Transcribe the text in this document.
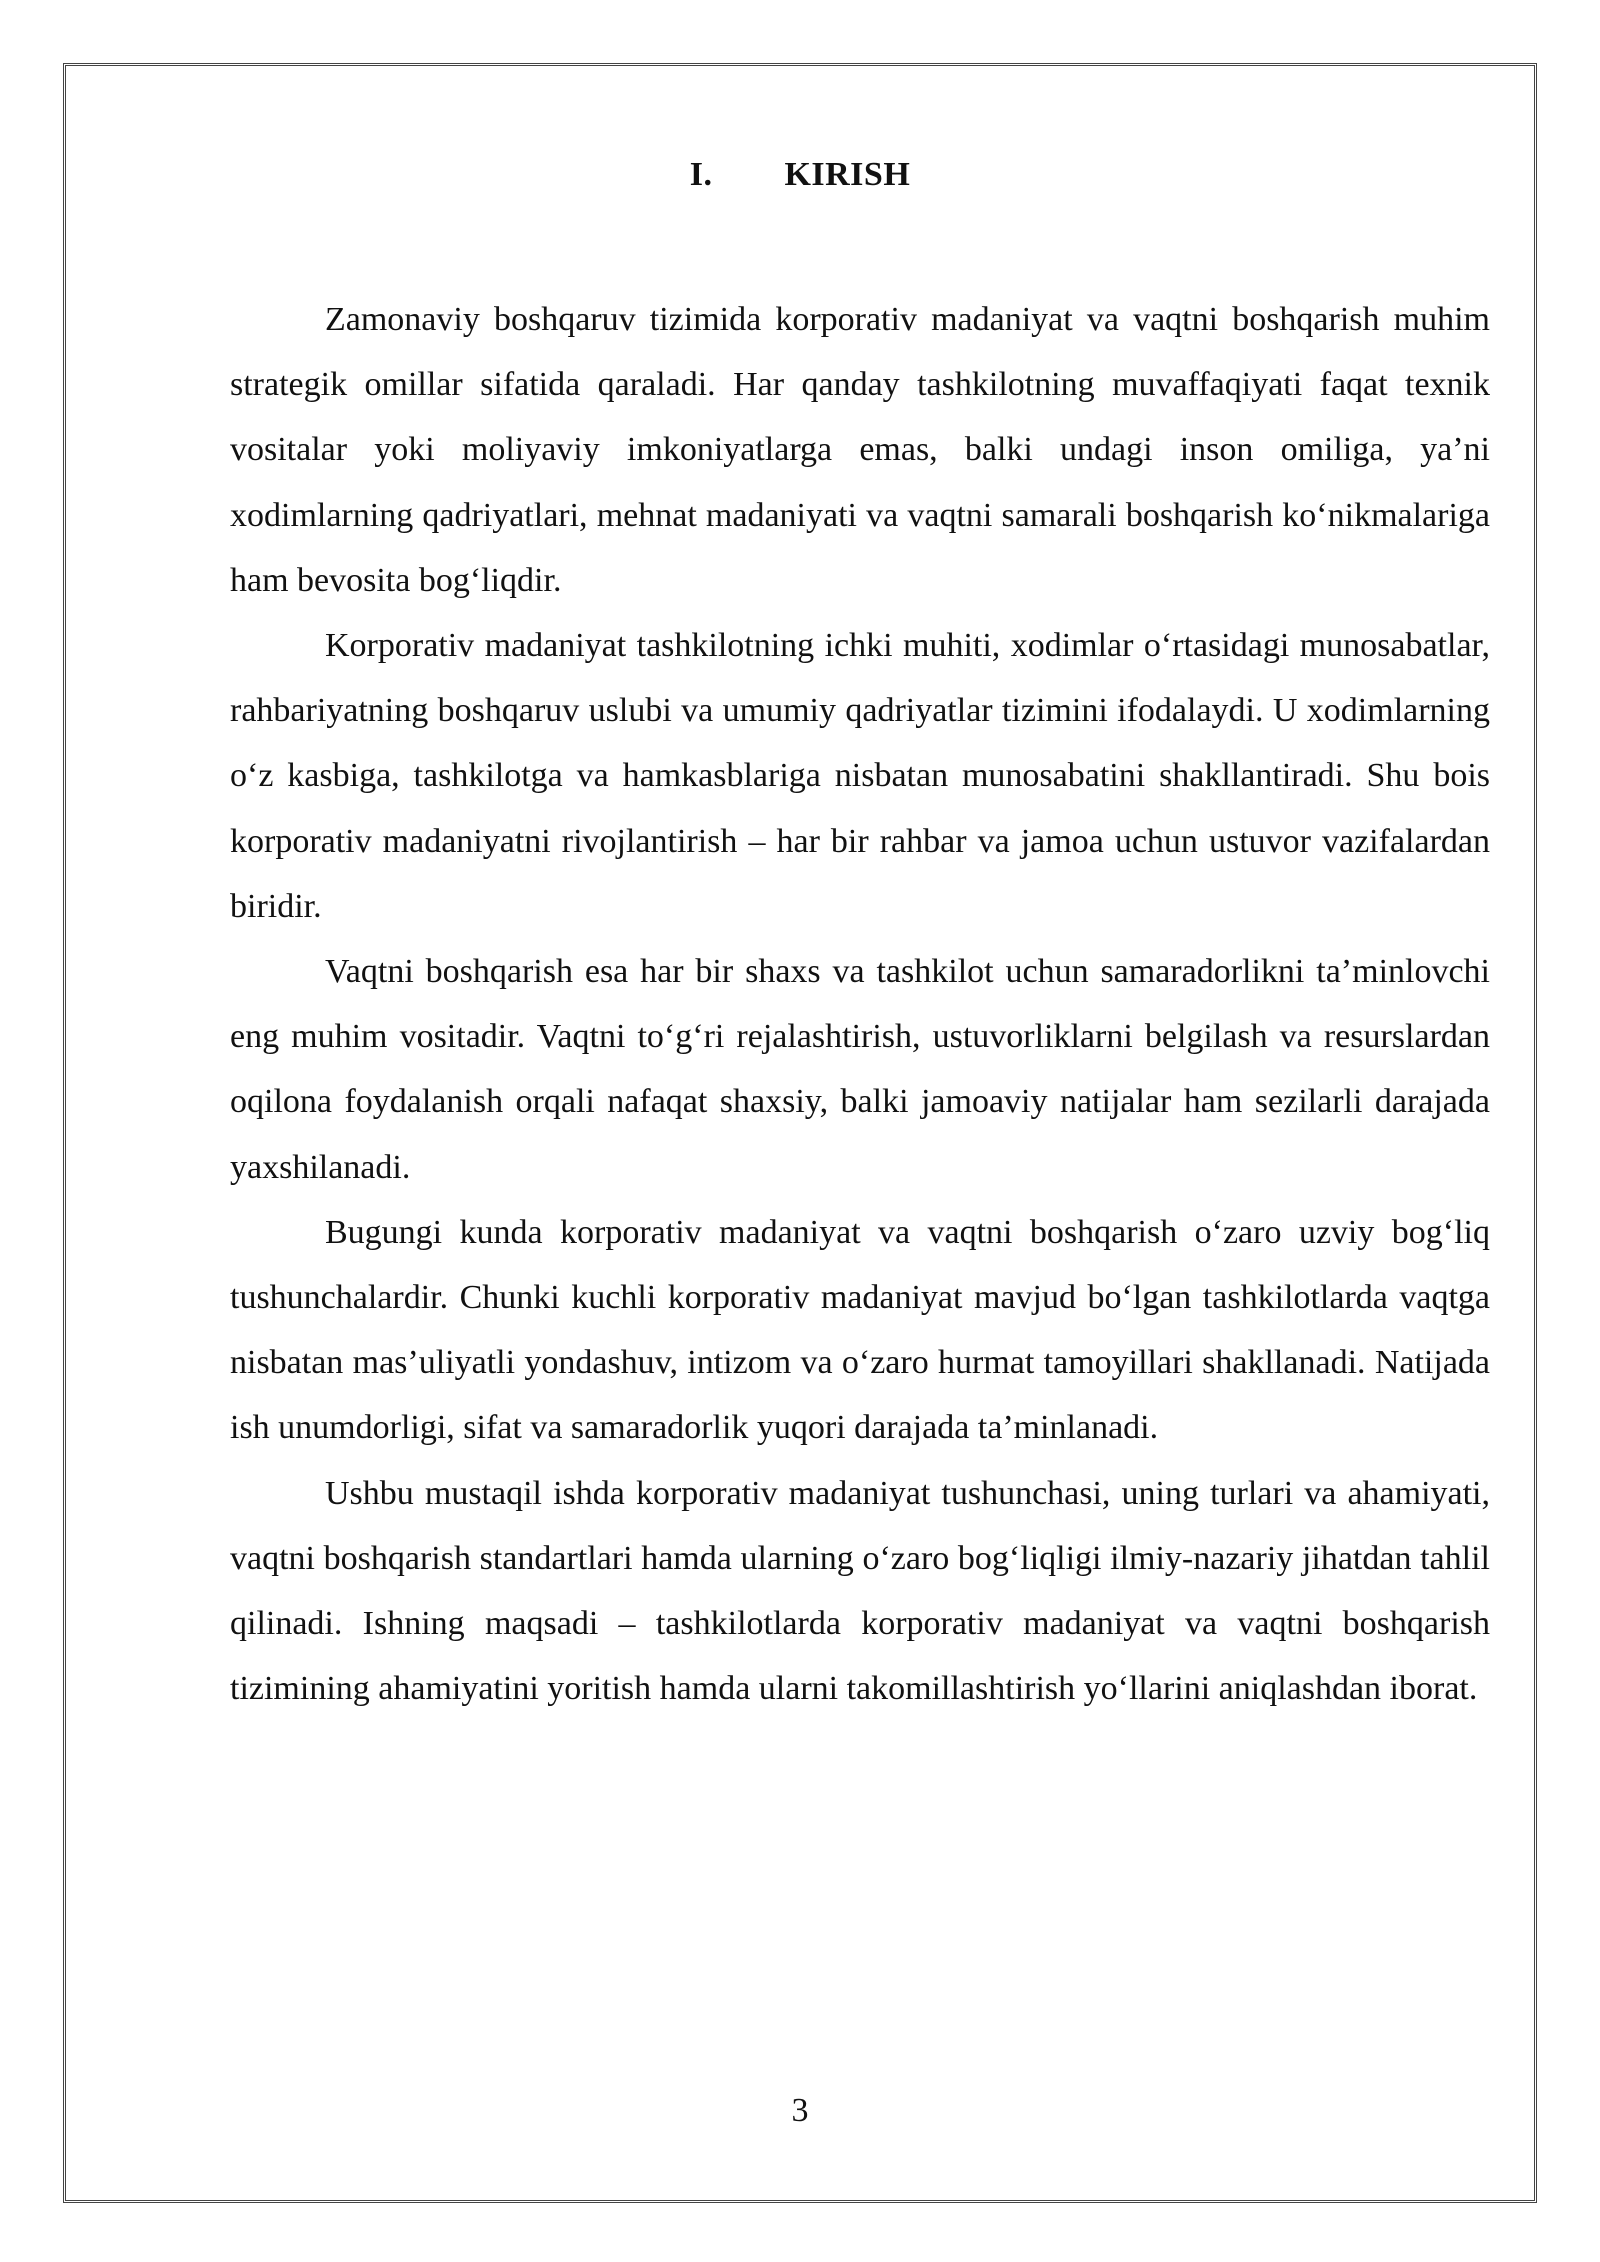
I. KIRISH

Zamonaviy boshqaruv tizimida korporativ madaniyat va vaqtni boshqarish muhim strategik omillar sifatida qaraladi. Har qanday tashkilotning muvaffaqiyati faqat texnik vositalar yoki moliyaviy imkoniyatlarga emas, balki undagi inson omiliga, ya’ni xodimlarning qadriyatlari, mehnat madaniyati va vaqtni samarali boshqarish ko‘nikmalariga ham bevosita bog‘liqdir.

Korporativ madaniyat tashkilotning ichki muhiti, xodimlar o‘rtasidagi munosabatlar, rahbariyatning boshqaruv uslubi va umumiy qadriyatlar tizimini ifodalaydi. U xodimlarning o‘z kasbiga, tashkilotga va hamkasblariga nisbatan munosabatini shakllantiradi. Shu bois korporativ madaniyatni rivojlantirish – har bir rahbar va jamoa uchun ustuvor vazifalardan biridir.

Vaqtni boshqarish esa har bir shaxs va tashkilot uchun samaradorlikni ta’minlovchi eng muhim vositadir. Vaqtni to‘g‘ri rejalashtirish, ustuvorliklarni belgilash va resurslardan oqilona foydalanish orqali nafaqat shaxsiy, balki jamoaviy natijalar ham sezilarli darajada yaxshilanadi.

Bugungi kunda korporativ madaniyat va vaqtni boshqarish o‘zaro uzviy bog‘liq tushunchalardir. Chunki kuchli korporativ madaniyat mavjud bo‘lgan tashkilotlarda vaqtga nisbatan mas’uliyatli yondashuv, intizom va o‘zaro hurmat tamoyillari shakllanadi. Natijada ish unumdorligi, sifat va samaradorlik yuqori darajada ta’minlanadi.

Ushbu mustaqil ishda korporativ madaniyat tushunchasi, uning turlari va ahamiyati, vaqtni boshqarish standartlari hamda ularning o‘zaro bog‘liqligi ilmiy-nazariy jihatdan tahlil qilinadi. Ishning maqsadi – tashkilotlarda korporativ madaniyat va vaqtni boshqarish tizimining ahamiyatini yoritish hamda ularni takomillashtirish yo‘llarini aniqlashdan iborat.

3
